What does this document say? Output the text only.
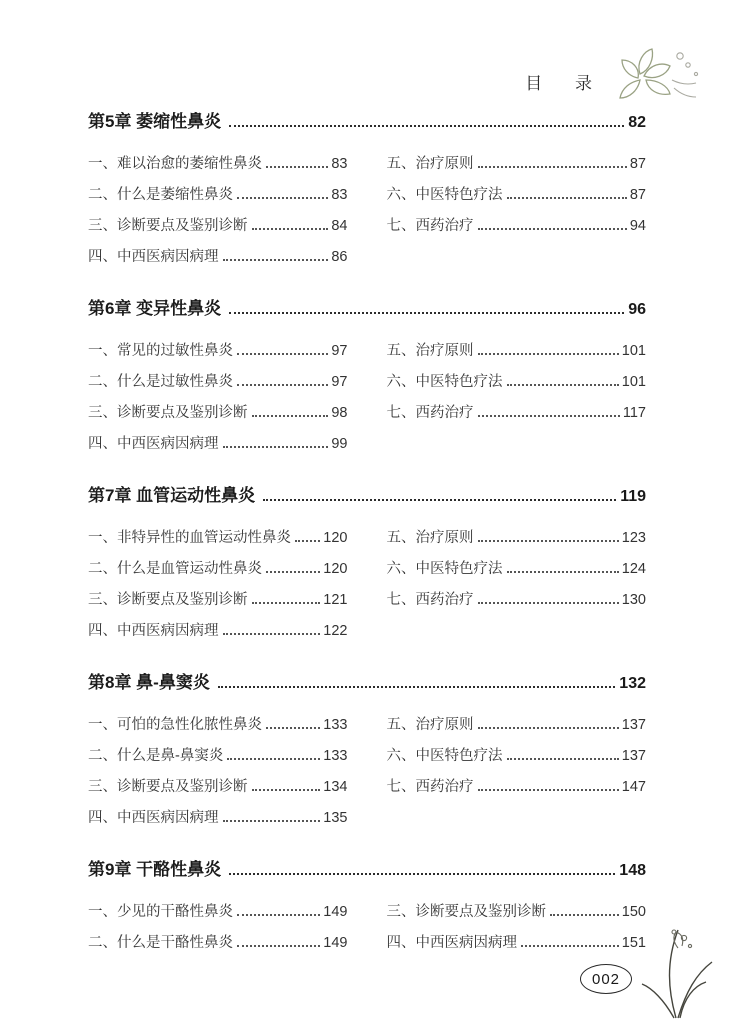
目 录
第5章 萎缩性鼻炎	82
一、难以治愈的萎缩性鼻炎	83
二、什么是萎缩性鼻炎	83
三、诊断要点及鉴别诊断	84
四、中西医病因病理	86
五、治疗原则	87
六、中医特色疗法	87
七、西药治疗	94
第6章 变异性鼻炎	96
一、常见的过敏性鼻炎	97
二、什么是过敏性鼻炎	97
三、诊断要点及鉴别诊断	98
四、中西医病因病理	99
五、治疗原则	101
六、中医特色疗法	101
七、西药治疗	117
第7章 血管运动性鼻炎	119
一、非特异性的血管运动性鼻炎 120
二、什么是血管运动性鼻炎	120
三、诊断要点及鉴别诊断	121
四、中西医病因病理	122
五、治疗原则	123
六、中医特色疗法	124
七、西药治疗	130
第8章 鼻-鼻窦炎	132
一、可怕的急性化脓性鼻炎	133
二、什么是鼻-鼻窦炎	133
三、诊断要点及鉴别诊断	134
四、中西医病因病理	135
五、治疗原则	137
六、中医特色疗法	137
七、西药治疗	147
第9章 干酪性鼻炎	148
一、少见的干酪性鼻炎	149
二、什么是干酪性鼻炎	149
三、诊断要点及鉴别诊断	150
四、中西医病因病理	151
002
